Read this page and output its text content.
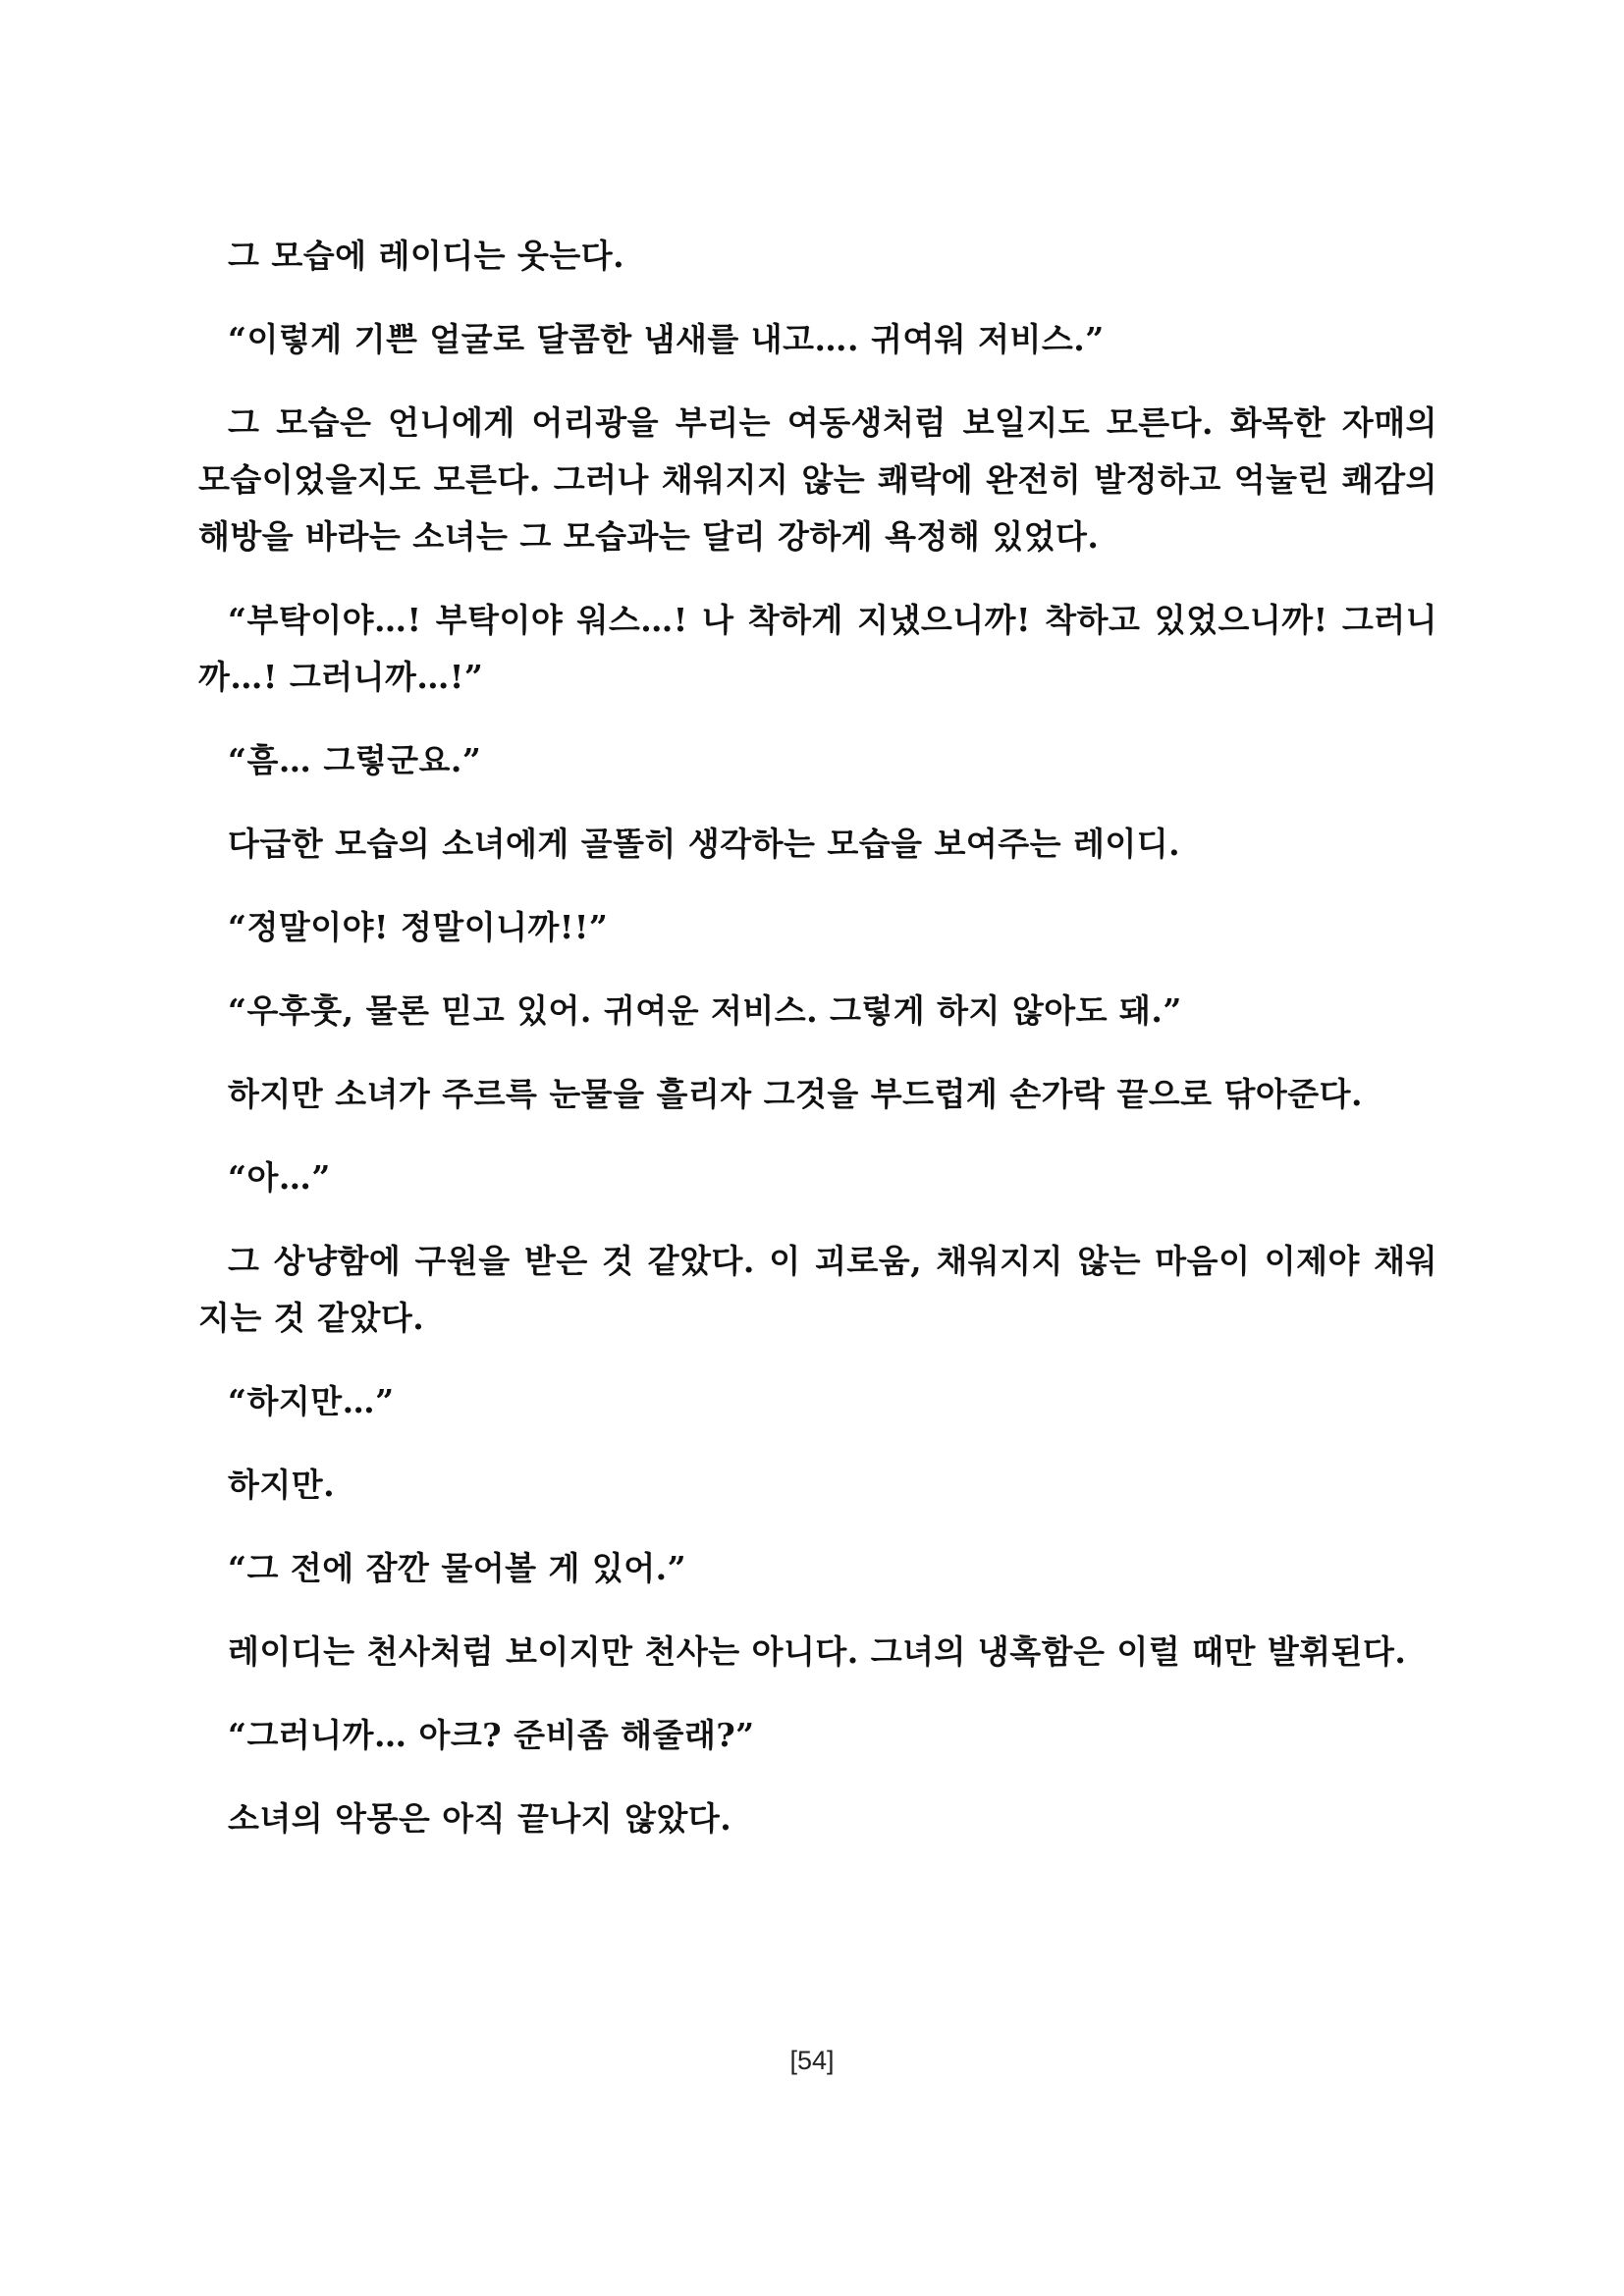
그 모습에 레이디는 웃는다.

“이렇게 기쁜 얼굴로 달콤한 냄새를 내고…. 귀여워 저비스.”

그 모습은 언니에게 어리광을 부리는 여동생처럼 보일지도 모른다. 화목한 자매의 모습이었을지도 모른다. 그러나 채워지지 않는 쾌락에 완전히 발정하고 억눌린 쾌감의 해방을 바라는 소녀는 그 모습과는 달리 강하게 욕정해 있었다.

“부탁이야…! 부탁이야 워스…! 나 착하게 지냈으니까! 착하고 있었으니까! 그러니까…! 그러니까…!”

“흠… 그렇군요.”

다급한 모습의 소녀에게 골똘히 생각하는 모습을 보여주는 레이디.

“정말이야! 정말이니까!!”

“우후훗, 물론 믿고 있어. 귀여운 저비스. 그렇게 하지 않아도 돼.”

하지만 소녀가 주르륵 눈물을 흘리자 그것을 부드럽게 손가락 끝으로 닦아준다.

“아…”

그 상냥함에 구원을 받은 것 같았다. 이 괴로움, 채워지지 않는 마음이 이제야 채워지는 것 같았다.

“하지만…”

하지만.

“그 전에 잠깐 물어볼 게 있어.”

레이디는 천사처럼 보이지만 천사는 아니다. 그녀의 냉혹함은 이럴 때만 발휘된다.

“그러니까… 아크? 준비좀 해줄래?”

소녀의 악몽은 아직 끝나지 않았다.

[54]
